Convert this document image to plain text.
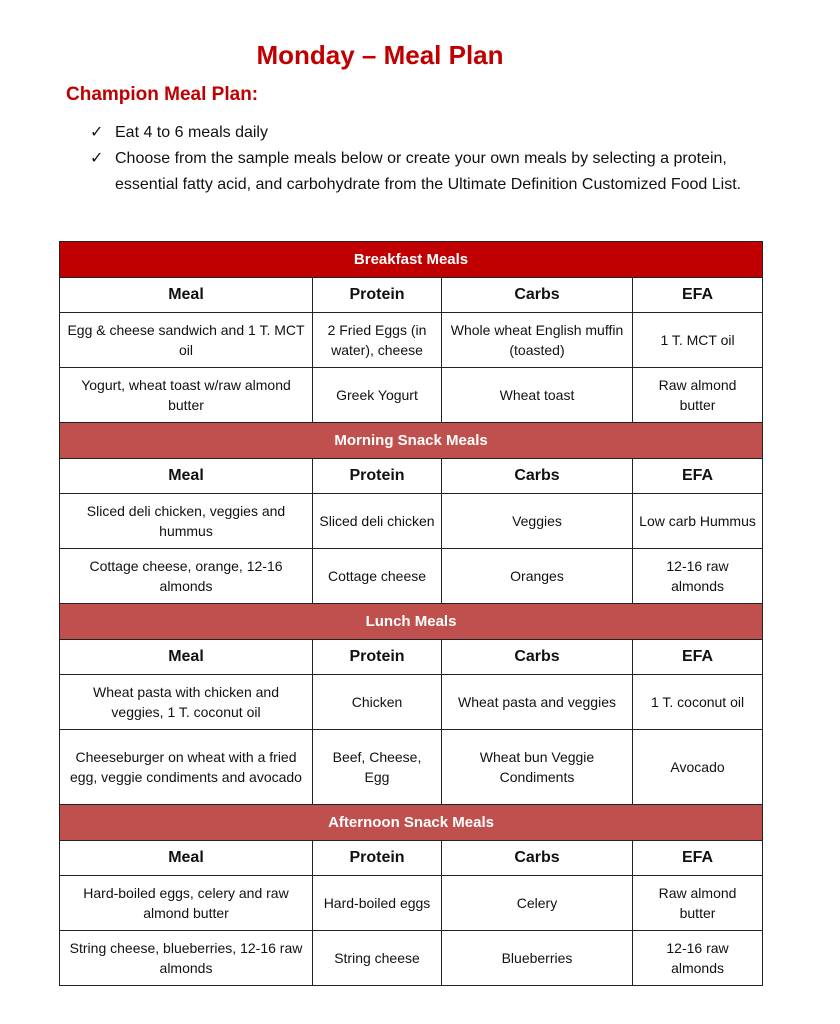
Monday – Meal Plan
Champion Meal Plan:
✓ Eat 4 to 6 meals daily
✓ Choose from the sample meals below or create your own meals by selecting a protein, essential fatty acid, and carbohydrate from the Ultimate Definition Customized Food List.
Breakfast Meals			
Meal	Protein	Carbs	EFA
Egg & cheese sandwich and 1 T. MCT oil	2 Fried Eggs (in water), cheese	Whole wheat English muffin (toasted)	1 T. MCT oil
Yogurt, wheat toast w/raw almond butter	Greek Yogurt	Wheat toast	Raw almond butter
Morning Snack Meals			
Meal	Protein	Carbs	EFA
Sliced deli chicken, veggies and hummus	Sliced deli chicken	Veggies	Low carb Hummus
Cottage cheese, orange, 12-16 almonds	Cottage cheese	Oranges	12-16 raw almonds
Lunch Meals			
Meal	Protein	Carbs	EFA
Wheat pasta with chicken and veggies, 1 T. coconut oil	Chicken	Wheat pasta and veggies	1 T. coconut oil
Cheeseburger on wheat with a fried egg, veggie condiments and avocado	Beef, Cheese, Egg	Wheat bun Veggie Condiments	Avocado
Afternoon Snack Meals			
Meal	Protein	Carbs	EFA
Hard-boiled eggs, celery and raw almond butter	Hard-boiled eggs	Celery	Raw almond butter
String cheese, blueberries, 12-16 raw almonds	String cheese	Blueberries	12-16 raw almonds
